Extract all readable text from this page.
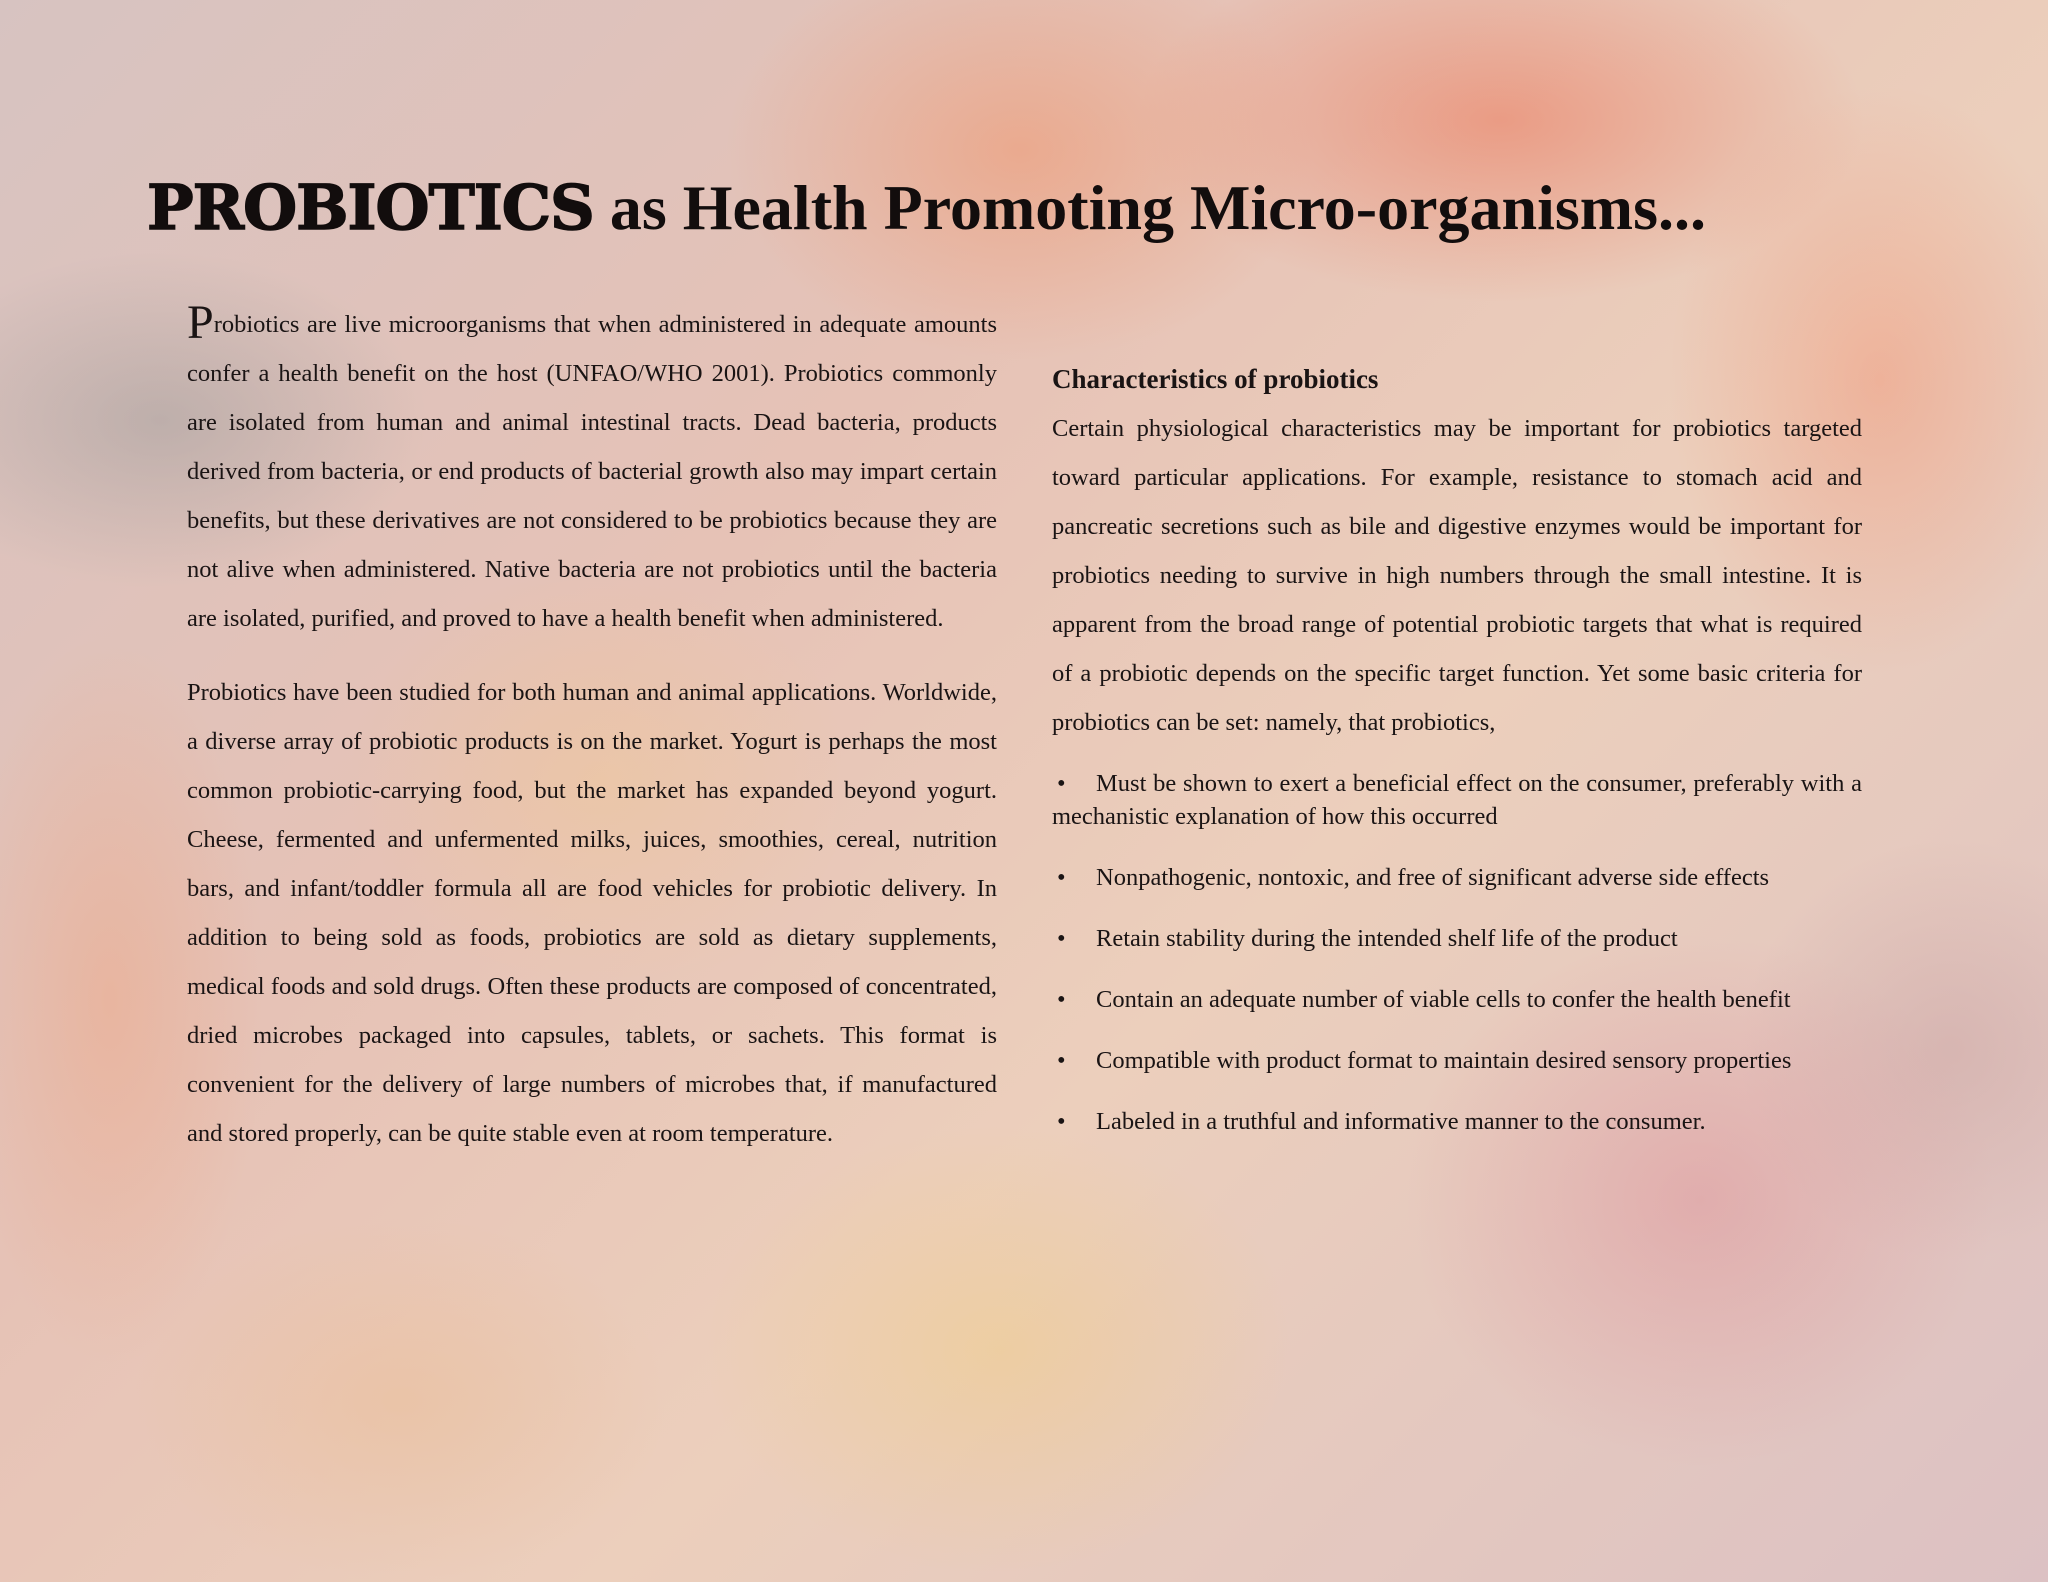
PROBIOTICS as Health Promoting Micro-organisms...

Probiotics are live microorganisms that when administered in adequate amounts confer a health benefit on the host (UNFAO/WHO 2001). Probiotics commonly are isolated from human and animal intestinal tracts. Dead bacteria, products derived from bacteria, or end products of bacterial growth also may impart certain benefits, but these derivatives are not considered to be probiotics because they are not alive when administered. Native bacteria are not probiotics until the bacteria are isolated, purified, and proved to have a health benefit when administered.

Probiotics have been studied for both human and animal applications. Worldwide, a diverse array of probiotic products is on the market. Yogurt is perhaps the most common probiotic-carrying food, but the market has expanded beyond yogurt. Cheese, fermented and unfermented milks, juices, smoothies, cereal, nutrition bars, and infant/toddler formula all are food vehicles for probiotic delivery. In addition to being sold as foods, probiotics are sold as dietary supplements, medical foods and sold drugs. Often these products are composed of concentrated, dried microbes packaged into capsules, tablets, or sachets. This format is convenient for the delivery of large numbers of microbes that, if manufactured and stored properly, can be quite stable even at room temperature.

Characteristics of probiotics

Certain physiological characteristics may be important for probiotics targeted toward particular applications. For example, resistance to stomach acid and pancreatic secretions such as bile and digestive enzymes would be important for probiotics needing to survive in high numbers through the small intestine. It is apparent from the broad range of potential probiotic targets that what is required of a probiotic depends on the specific target function. Yet some basic criteria for probiotics can be set: namely, that probiotics,

• Must be shown to exert a beneficial effect on the consumer, preferably with a mechanistic explanation of how this occurred
• Nonpathogenic, nontoxic, and free of significant adverse side effects
• Retain stability during the intended shelf life of the product
• Contain an adequate number of viable cells to confer the health benefit
• Compatible with product format to maintain desired sensory properties
• Labeled in a truthful and informative manner to the consumer.
